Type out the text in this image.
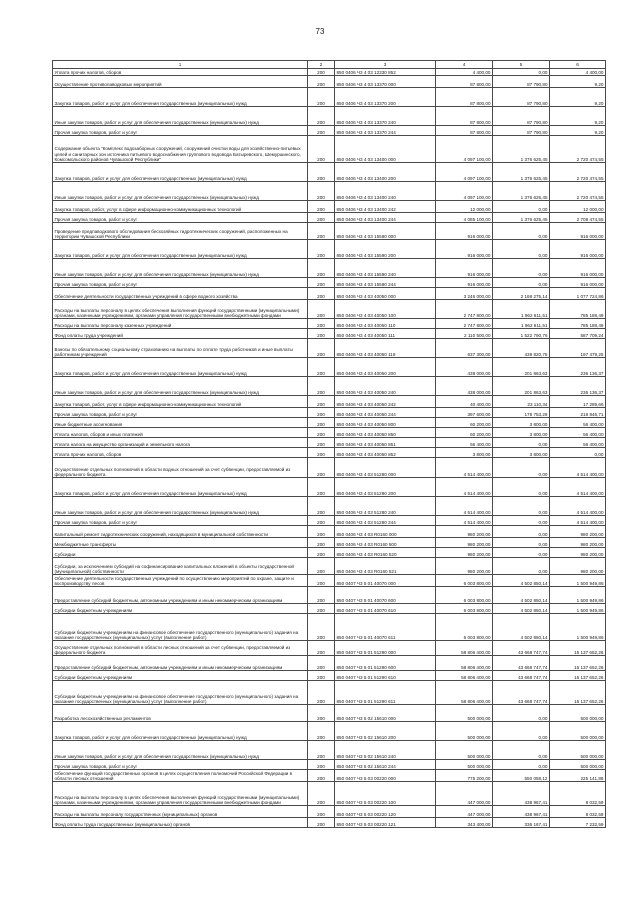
73
1	2	3	4	5	6
Уплата прочих налогов, сборов	200	850 0406 Ч3 4 03 12330 852	4 400,00	0,00	4 400,00
Осуществление противопаводковых мероприятий	200	850 0406 Ч3 4 03 13370 000	87 800,00	87 790,80	9,20
Закупка товаров, работ и услуг для обеспечения государственных (муниципальных) нужд	200	850 0406 Ч3 4 03 13370 200	87 800,00	87 790,80	9,20
Иные закупки товаров, работ и услуг для обеспечения государственных (муниципальных) нужд	200	850 0406 Ч3 4 03 13370 240	87 800,00	87 790,80	9,20
Прочая закупка товаров, работ и услуг	200	850 0406 Ч3 4 03 13370 244	87 800,00	87 790,80	9,20
Содержание объекта "Комплекс водозаборных сооружений, сооружений очистки воды для хозяйственно-питьевых целей и санитарных зон источника питьевого водоснабжения группового водовода Батыревского, Шемуршинского, Комсомольского районов Чувашской Республики"	200	850 0406 Ч3 4 03 13400 000	4 097 100,00	1 376 625,45	2 720 474,55
Закупка товаров, работ и услуг для обеспечения государственных (муниципальных) нужд	200	850 0406 Ч3 4 03 13400 200	4 097 100,00	1 376 625,45	2 720 474,55
Иные закупки товаров, работ и услуг для обеспечения государственных (муниципальных) нужд	200	850 0406 Ч3 4 03 13400 240	4 097 100,00	1 376 625,45	2 720 474,55
Закупка товаров, работ, услуг в сфере информационно-коммуникационных технологий	200	850 0406 Ч3 4 03 13400 242	12 000,00	0,00	12 000,00
Прочая закупка товаров, работ и услуг	200	850 0406 Ч3 4 03 13400 244	4 085 100,00	1 376 625,45	2 708 474,55
Проведение предпаводкового обследования бесхозяйных гидротехнических сооружений, расположенных на территории Чувашской Республики	200	850 0406 Ч3 4 03 15590 000	916 000,00	0,00	916 000,00
Закупка товаров, работ и услуг для обеспечения государственных (муниципальных) нужд	200	850 0406 Ч3 4 03 15590 200	916 000,00	0,00	916 000,00
Иные закупки товаров, работ и услуг для обеспечения государственных (муниципальных) нужд	200	850 0406 Ч3 4 03 15590 240	916 000,00	0,00	916 000,00
Прочая закупка товаров, работ и услуг	200	850 0406 Ч3 4 03 15590 244	916 000,00	0,00	916 000,00
Обеспечение деятельности государственных учреждений в сфере водного хозяйства	200	850 0406 Ч3 4 03 40050 000	3 246 000,00	2 168 275,14	1 077 724,86
Расходы на выплаты персоналу в целях обеспечения выполнения функций государственными (муниципальными) органами, казенными учреждениями, органами управления государственными внебюджетными фондами	200	850 0406 Ч3 4 03 40050 100	2 747 800,00	1 962 611,51	785 188,49
Расходы на выплаты персоналу казенных учреждений	200	850 0406 Ч3 4 03 40050 110	2 747 800,00	1 962 611,51	785 188,49
Фонд оплаты труда учреждений	200	850 0406 Ч3 4 03 40050 111	2 110 500,00	1 522 790,76	587 709,24
Взносы по обязательному социальному страхованию на выплаты по оплате труда работников и иные выплаты работникам учреждений	200	850 0406 Ч3 4 03 40050 119	637 300,00	439 820,75	197 479,25
Закупка товаров, работ и услуг для обеспечения государственных (муниципальных) нужд	200	850 0406 Ч3 4 03 40050 200	438 000,00	201 863,63	236 136,37
Иные закупки товаров, работ и услуг для обеспечения государственных (муниципальных) нужд	200	850 0406 Ч3 4 03 40050 240	438 000,00	201 863,63	236 136,37
Закупка товаров, работ, услуг в сфере информационно-коммуникационных технологий	200	850 0406 Ч3 4 03 40050 242	40 400,00	23 110,34	17 289,66
Прочая закупка товаров, работ и услуг	200	850 0406 Ч3 4 03 40050 244	397 600,00	178 753,29	218 846,71
Иные бюджетные ассигнования	200	850 0406 Ч3 4 03 40050 800	60 200,00	3 800,00	56 400,00
Уплата налогов, сборов и иных платежей	200	850 0406 Ч3 4 03 40050 850	60 200,00	3 800,00	56 400,00
Уплата налога на имущество организаций и земельного налога	200	850 0406 Ч3 4 03 40050 851	56 400,00	0,00	56 400,00
Уплата прочих налогов, сборов	200	850 0406 Ч3 4 03 40050 852	3 800,00	3 800,00	0,00
Осуществление отдельных полномочий в области водных отношений за счет субвенции, предоставляемой из федерального бюджета	200	850 0406 Ч3 4 03 51280 000	4 514 400,00	0,00	4 514 400,00
Закупка товаров, работ и услуг для обеспечения государственных (муниципальных) нужд	200	850 0406 Ч3 4 03 51280 200	4 514 400,00	0,00	4 514 400,00
Иные закупки товаров, работ и услуг для обеспечения государственных (муниципальных) нужд	200	850 0406 Ч3 4 03 51280 240	4 514 400,00	0,00	4 514 400,00
Прочая закупка товаров, работ и услуг	200	850 0406 Ч3 4 03 51280 244	4 514 400,00	0,00	4 514 400,00
Капитальный ремонт гидротехнических сооружений, находящихся в муниципальной собственности	200	850 0406 Ч3 4 03 R0160 000	980 200,00	0,00	980 200,00
Межбюджетные трансферты	200	850 0406 Ч3 4 03 R0160 500	980 200,00	0,00	980 200,00
Субсидии	200	850 0406 Ч3 4 03 R0160 520	980 200,00	0,00	980 200,00
Субсидии, за исключением субсидий на софинансирование капитальных вложений в объекты государственной (муниципальной) собственности	200	850 0406 Ч3 4 03 R0160 521	980 200,00	0,00	980 200,00
Обеспечение деятельности государственных учреждений по осуществлению мероприятий по охране, защите и воспроизводству лесов	200	850 0407 Ч3 5 01 40070 000	6 003 800,00	4 502 850,14	1 500 949,86
Предоставление субсидий бюджетным, автономным учреждениям и иным некоммерческим организациям	200	850 0407 Ч3 5 01 40070 600	6 003 800,00	4 502 850,14	1 500 949,86
Субсидии бюджетным учреждениям	200	850 0407 Ч3 5 01 40070 610	6 003 800,00	4 502 850,14	1 500 949,86
Субсидии бюджетным учреждениям на финансовое обеспечение государственного (муниципального) задания на оказание государственных (муниципальных) услуг (выполнение работ)	200	850 0407 Ч3 5 01 40070 611	6 003 800,00	4 502 850,14	1 500 949,86
Осуществление отдельных полномочий в области лесных отношений за счет субвенции, предоставляемой из федерального бюджета	200	850 0407 Ч3 5 01 51290 000	58 806 400,00	43 668 747,74	15 137 652,26
Предоставление субсидий бюджетным, автономным учреждениям и иным некоммерческим организациям	200	850 0407 Ч3 5 01 51290 600	58 806 400,00	43 668 747,74	15 137 652,26
Субсидии бюджетным учреждениям	200	850 0407 Ч3 5 01 51290 610	58 806 400,00	43 668 747,74	15 137 652,26
Субсидии бюджетным учреждениям на финансовое обеспечение государственного (муниципального) задания на оказание государственных (муниципальных) услуг (выполнение работ)	200	850 0407 Ч3 5 01 51290 611	58 806 400,00	43 668 747,74	15 137 652,26
Разработка лесохозяйственных регламентов	200	850 0407 Ч3 5 02 15610 000	500 000,00	0,00	500 000,00
Закупка товаров, работ и услуг для обеспечения государственных (муниципальных) нужд	200	850 0407 Ч3 5 02 15610 200	500 000,00	0,00	500 000,00
Иные закупки товаров, работ и услуг для обеспечения государственных (муниципальных) нужд	200	850 0407 Ч3 5 02 15610 240	500 000,00	0,00	500 000,00
Прочая закупка товаров, работ и услуг	200	850 0407 Ч3 5 02 15610 244	500 000,00	0,00	500 000,00
Обеспечение функций государственных органов в целях осуществления полномочий Российской Федерации в области лесных отношений	200	850 0407 Ч3 5 03 00220 000	775 200,00	550 058,12	225 141,88
Расходы на выплаты персоналу в целях обеспечения выполнения функций государственными (муниципальными) органами, казенными учреждениями, органами управления государственными внебюджетными фондами	200	850 0407 Ч3 5 03 00220 100	447 000,00	438 967,41	8 032,59
Расходы на выплаты персоналу государственных (муниципальных) органов	200	850 0407 Ч3 5 03 00220 120	447 000,00	438 967,41	8 032,59
Фонд оплаты труда государственных (муниципальных) органов	200	850 0407 Ч3 5 03 00220 121	343 400,00	336 167,41	7 232,59
